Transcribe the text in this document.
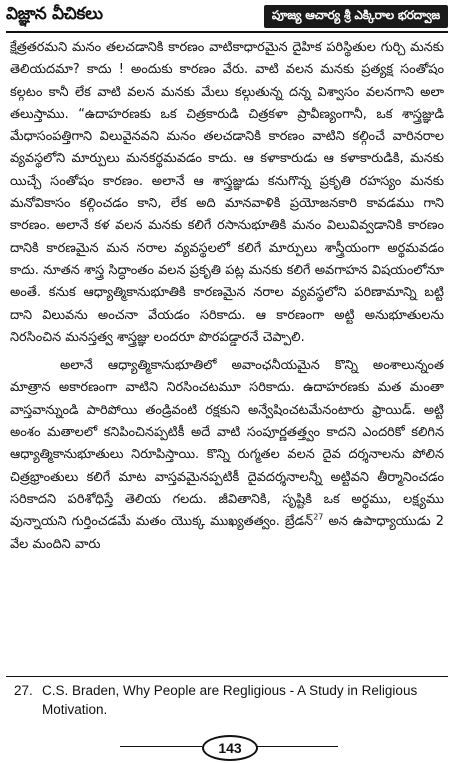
విజ్ఞాన వీచికలు	పూజ్య ఆచార్య శ్రీ ఎక్కిరాల భరద్వాజ

క్షేత్రతరమని మనం తలచడానికి కారణం వాటికాధారమైన దైహిక పరిస్థితుల గుర్చి మనకు తెలియదమా? కాదు ! అందుకు కారణం వేరు. వాటి వలన మనకు ప్రత్యక్ష సంతోషం కల్గటం కానీ లేక వాటి వలన మనకు మేలు కల్గుతున్న దన్న విశ్వాసం వలనగాని అలా తలుస్తాము. “ఉదాహరణకు ఒక చిత్రకారుడి చిత్రకళా ప్రావీణ్యంగానీ, ఒక శాస్త్రజ్ఞుడి మేధాసంపత్తిగాని విలువైనవని మనం తలచడానికి కారణం వాటిని కల్గించే వారినరాల వ్యవస్థలోని మార్పులు మనకర్థమవడం కాదు. ఆ కళాకారుడు ఆ కళాకారుడికి, మనకు యిచ్చే సంతోషం కారణం. అలానే ఆ శాస్త్రజ్ఞుడు కనుగొన్న ప్రకృతి రహస్యం మనకు మనోవికాసం కల్గించడం కాని, లేక అది మానవాళికి ప్రయోజనకారి కావడము గాని కారణం. అలానే కళ వలన మనకు కలిగే రసానుభూతికి మనం విలువివ్వడానికి కారణం దానికి కారణమైన మన నరాల వ్యవస్థలలో కలిగే మార్పులు శాస్త్రీయంగా అర్థమవడం కాదు. నూతన శాస్త్ర సిద్ధాంతం వలన ప్రకృతి పట్ల మనకు కలిగే అవగాహన విషయంలోనూ అంతే. కనుక ఆధ్యాత్మికానుభూతికి కారణమైన నరాల వ్యవస్థలోని పరిణామాన్ని బట్టి దాని విలువను అంచనా వేయడం సరికాదు. ఆ కారణంగా అట్టి అనుభూతులను నిరసించిన మనస్తత్వ శాస్త్రజ్ఞు లందరూ పొరపడ్డారనే చెప్పాలి.

అలానే ఆధ్యాత్మికానుభూతిలో అవాంఛనీయమైన కొన్ని అంశాలున్నంత మాత్రాన అకారణంగా వాటిని నిరసించటమూ సరికాదు. ఉదాహరణకు మత మంతా వాస్తవాన్నుండి పారిపోయి తండ్రివంటి రక్షకుని అన్వేషించటమేనంటారు ఫ్రాయిడ్. అట్టి అంశం మతాలలో కనిపించినప్పటికీ అదే వాటి సంపూర్ణతత్త్వం కాదని ఎందరికో కలిగిన ఆధ్యాత్మికానుభూతులు నిరూపిస్తాయి. కొన్ని రుగ్మతల వలన దైవ దర్శనాలను పోలిన చిత్రభ్రాంతులు కలిగే మాట వాస్తవమైనప్పటికీ దైవదర్శనాలన్నీ అట్టివని తీర్మానించడం సరికాదని పరిశోధిస్తే తెలియ గలదు. జీవితానికి, సృష్టికి ఒక అర్థము, లక్ష్యము వున్నాయని గుర్తించడమే మతం యొక్క ముఖ్యతత్వం. బ్రేడన్$^{27}$ అన ఉపాధ్యాయుడు 2 వేల మందిని వారు

27. C.S. Braden, Why People are Regligious - A Study in Religious Motivation.
143
